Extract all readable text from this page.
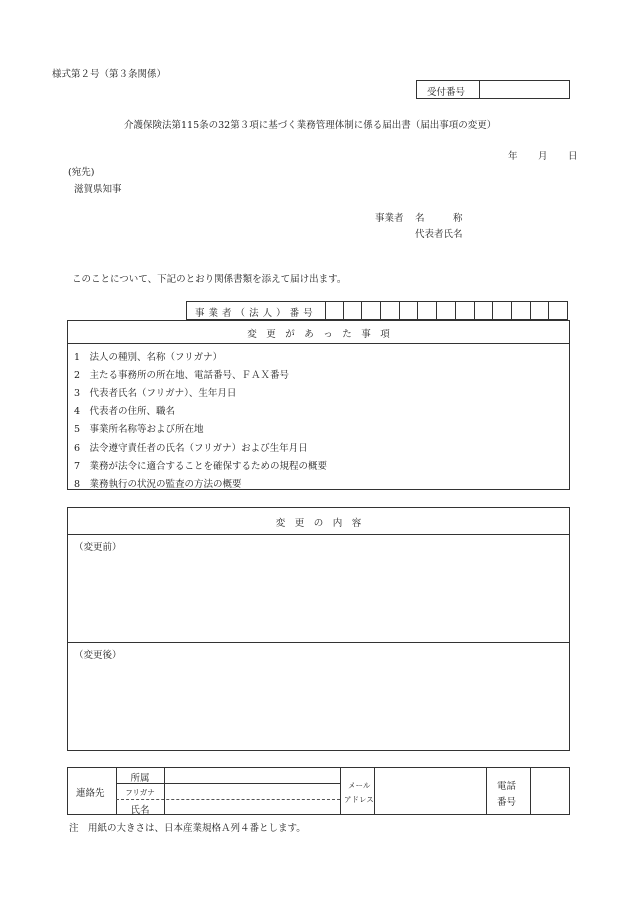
様式第２号（第３条関係）
受付番号
介護保険法第115条の32第３項に基づく業務管理体制に係る届出書（届出事項の変更）
年 月 日
(宛先)
滋賀県知事
事業者 名　　　称
代表者氏名
このことについて、下記のとおり関係書類を添えて届け出ます。
事 業 者 （ 法 人 ） 番 号
変　更　が　あ　っ　た　事　項
1　法人の種別、名称（フリガナ）
2　主たる事務所の所在地、電話番号、ＦＡＸ番号
3　代表者氏名（フリガナ）、生年月日
4　代表者の住所、職名
5　事業所名称等および所在地
6　法令遵守責任者の氏名（フリガナ）および生年月日
7　業務が法令に適合することを確保するための規程の概要
8　業務執行の状況の監査の方法の概要
変　更　の　内　容
（変更前）
（変更後）
連絡先
所属
フリガナ
氏名
メール
アドレス
電話
番号
注　用紙の大きさは、日本産業規格Ａ列４番とします。
